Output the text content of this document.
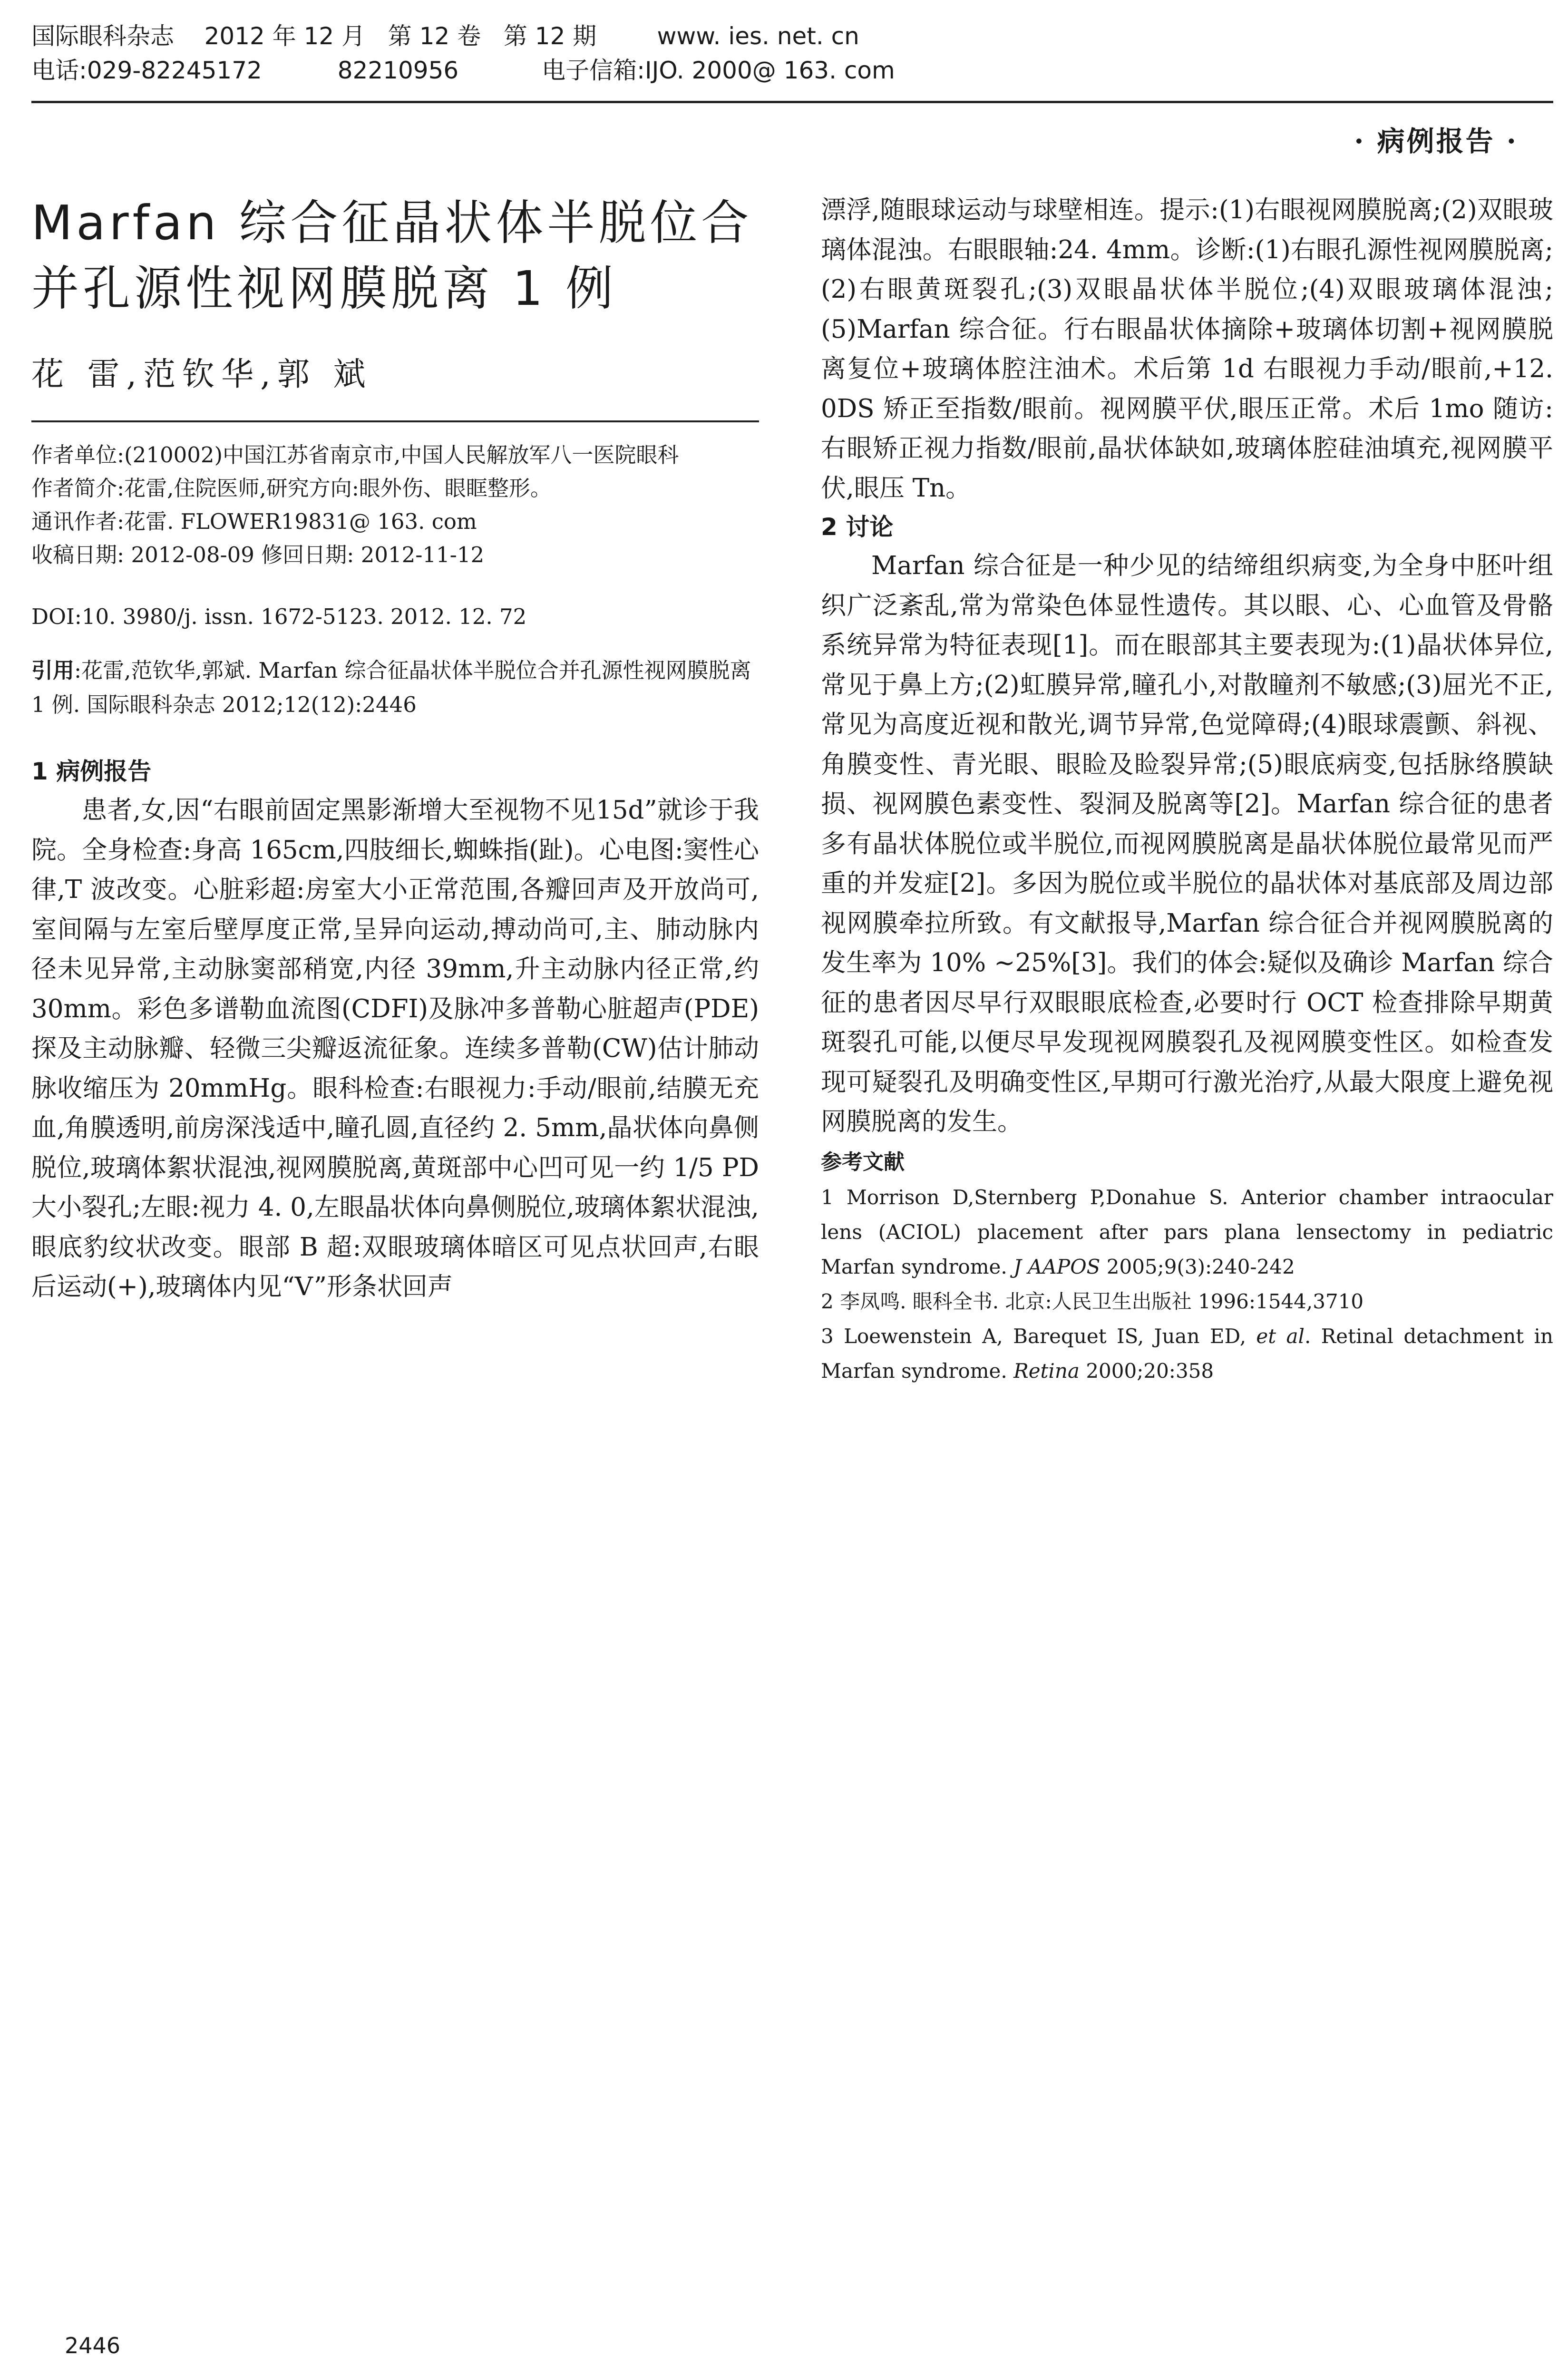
国际眼科杂志    2012 年 12 月   第 12 卷   第 12 期        www. ies. net. cn
电话:029-82245172          82210956           电子信箱:IJO. 2000@ 163. com
· 病例报告 ·
Marfan 综合征晶状体半脱位合
并孔源性视网膜脱离 1 例
花 雷,范钦华,郭 斌

作者单位:(210002)中国江苏省南京市,中国人民解放军八一医院眼科

作者简介:花雷,住院医师,研究方向:眼外伤、眼眶整形。

通讯作者:花雷. FLOWER19831@ 163. com

收稿日期: 2012-08-09 修回日期: 2012-11-12

DOI:10. 3980/j. issn. 1672-5123. 2012. 12. 72

引用:花雷,范钦华,郭斌. Marfan 综合征晶状体半脱位合并孔源性视网膜脱离 1 例. 国际眼科杂志 2012;12(12):2446
1 病例报告

患者,女,因“右眼前固定黑影渐增大至视物不见15d”就诊于我院。全身检查:身高 165cm,四肢细长,蜘蛛指(趾)。心电图:窦性心律,T 波改变。心脏彩超:房室大小正常范围,各瓣回声及开放尚可,室间隔与左室后壁厚度正常,呈异向运动,搏动尚可,主、肺动脉内径未见异常,主动脉窦部稍宽,内径 39mm,升主动脉内径正常,约30mm。彩色多谱勒血流图(CDFI)及脉冲多普勒心脏超声(PDE)探及主动脉瓣、轻微三尖瓣返流征象。连续多普勒(CW)估计肺动脉收缩压为 20mmHg。眼科检查:右眼视力:手动/眼前,结膜无充血,角膜透明,前房深浅适中,瞳孔圆,直径约 2. 5mm,晶状体向鼻侧脱位,玻璃体絮状混浊,视网膜脱离,黄斑部中心凹可见一约 1/5 PD 大小裂孔;左眼:视力 4. 0,左眼晶状体向鼻侧脱位,玻璃体絮状混浊,眼底豹纹状改变。眼部 B 超:双眼玻璃体暗区可见点状回声,右眼后运动(+),玻璃体内见“V”形条状回声

漂浮,随眼球运动与球壁相连。提示:(1)右眼视网膜脱离;(2)双眼玻璃体混浊。右眼眼轴:24. 4mm。诊断:(1)右眼孔源性视网膜脱离;(2)右眼黄斑裂孔;(3)双眼晶状体半脱位;(4)双眼玻璃体混浊;(5)Marfan 综合征。行右眼晶状体摘除+玻璃体切割+视网膜脱离复位+玻璃体腔注油术。术后第 1d 右眼视力手动/眼前,+12. 0DS 矫正至指数/眼前。视网膜平伏,眼压正常。术后 1mo 随访:右眼矫正视力指数/眼前,晶状体缺如,玻璃体腔硅油填充,视网膜平伏,眼压 Tn。

2 讨论

Marfan 综合征是一种少见的结缔组织病变,为全身中胚叶组织广泛紊乱,常为常染色体显性遗传。其以眼、心、心血管及骨骼系统异常为特征表现[1]。而在眼部其主要表现为:(1)晶状体异位,常见于鼻上方;(2)虹膜异常,瞳孔小,对散瞳剂不敏感;(3)屈光不正,常见为高度近视和散光,调节异常,色觉障碍;(4)眼球震颤、斜视、角膜变性、青光眼、眼睑及睑裂异常;(5)眼底病变,包括脉络膜缺损、视网膜色素变性、裂洞及脱离等[2]。Marfan 综合征的患者多有晶状体脱位或半脱位,而视网膜脱离是晶状体脱位最常见而严重的并发症[2]。多因为脱位或半脱位的晶状体对基底部及周边部视网膜牵拉所致。有文献报导,Marfan 综合征合并视网膜脱离的发生率为 10% ~25%[3]。我们的体会:疑似及确诊 Marfan 综合征的患者因尽早行双眼眼底检查,必要时行 OCT 检查排除早期黄斑裂孔可能,以便尽早发现视网膜裂孔及视网膜变性区。如检查发现可疑裂孔及明确变性区,早期可行激光治疗,从最大限度上避免视网膜脱离的发生。

参考文献

1 Morrison D,Sternberg P,Donahue S. Anterior chamber intraocular lens (ACIOL) placement after pars plana lensectomy in pediatric Marfan syndrome. J AAPOS 2005;9(3):240-242

2 李凤鸣. 眼科全书. 北京:人民卫生出版社 1996:1544,3710

3 Loewenstein A, Barequet IS, Juan ED, et al. Retinal detachment in Marfan syndrome. Retina 2000;20:358

2446
